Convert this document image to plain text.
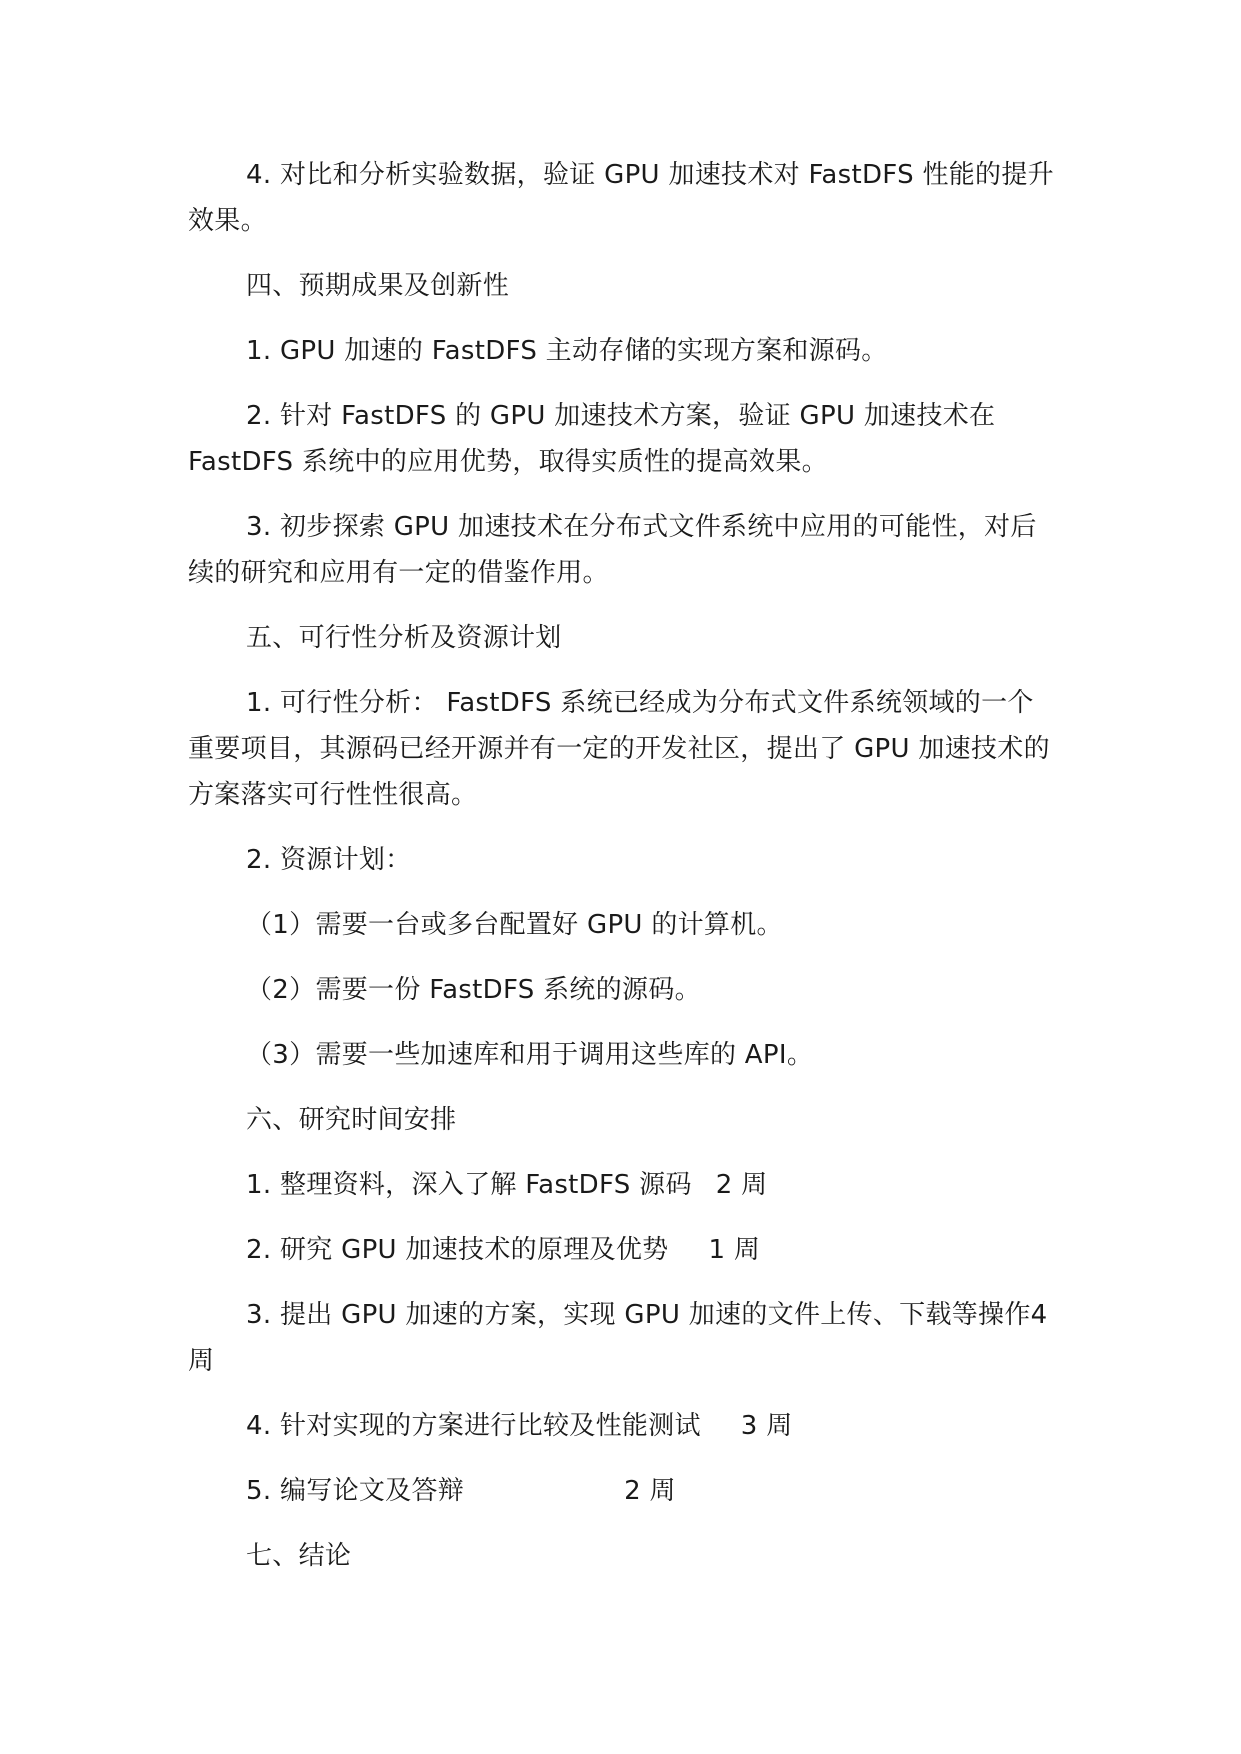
4. 对比和分析实验数据，验证 GPU 加速技术对 FastDFS 性能的提升效果。

四、预期成果及创新性

1. GPU 加速的 FastDFS 主动存储的实现方案和源码。

2. 针对 FastDFS 的 GPU 加速技术方案，验证 GPU 加速技术在 FastDFS 系统中的应用优势，取得实质性的提高效果。

3. 初步探索 GPU 加速技术在分布式文件系统中应用的可能性，对后续的研究和应用有一定的借鉴作用。

五、可行性分析及资源计划

1. 可行性分析： FastDFS 系统已经成为分布式文件系统领域的一个重要项目，其源码已经开源并有一定的开发社区，提出了 GPU 加速技术的方案落实可行性性很高。

2. 资源计划：

（1）需要一台或多台配置好 GPU 的计算机。

（2）需要一份 FastDFS 系统的源码。

（3）需要一些加速库和用于调用这些库的 API。

六、研究时间安排

1. 整理资料，深入了解 FastDFS 源码 2 周

2. 研究 GPU 加速技术的原理及优势 1 周

3. 提出 GPU 加速的方案，实现 GPU 加速的文件上传、下载等操作4 周

4. 针对实现的方案进行比较及性能测试 3 周

5. 编写论文及答辩	2 周

七、结论
